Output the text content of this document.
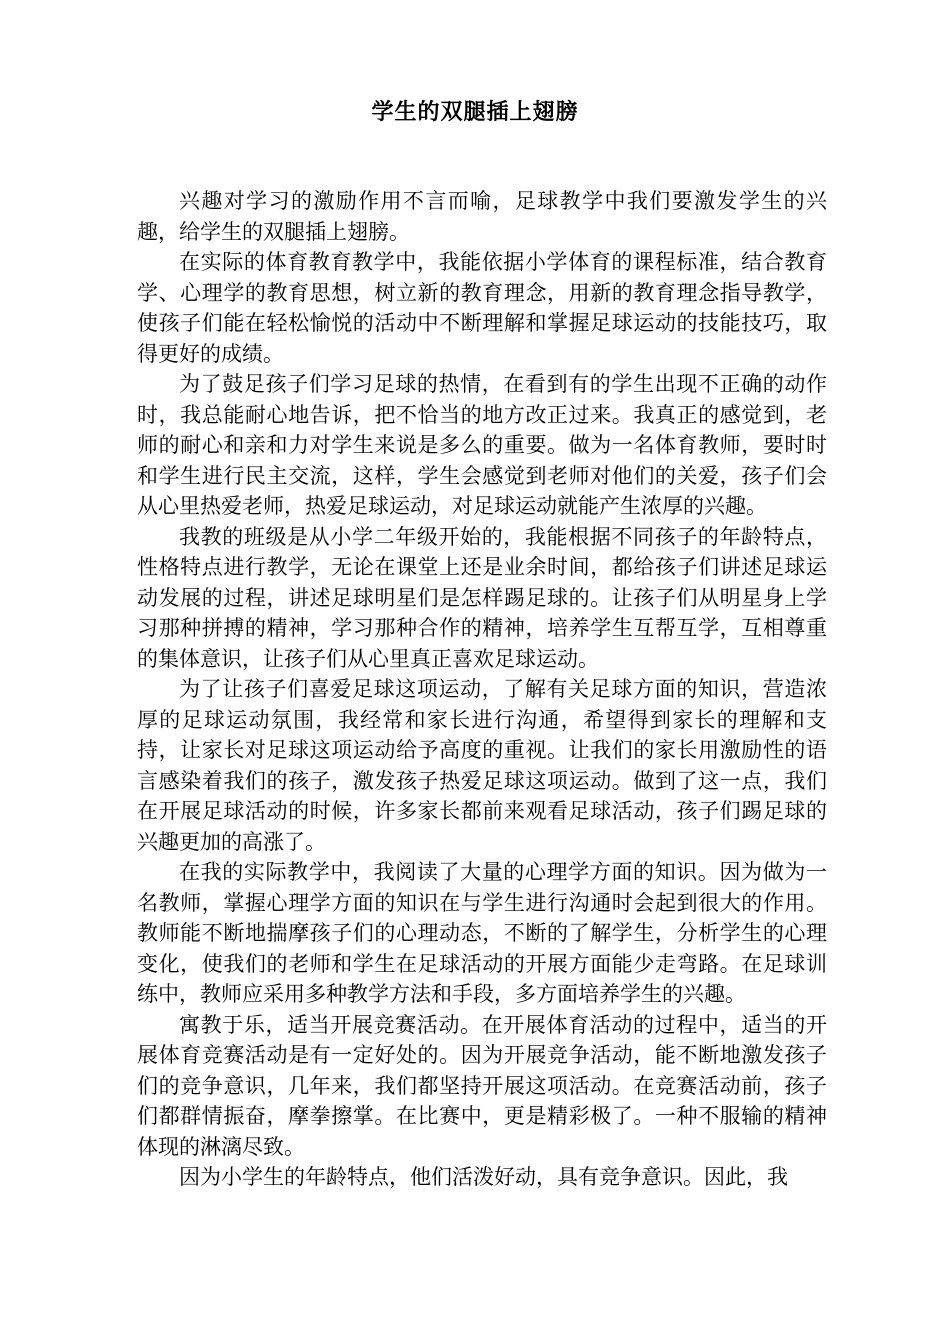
学生的双腿插上翅膀

兴趣对学习的激励作用不言而喻，足球教学中我们要激发学生的兴趣，给学生的双腿插上翅膀。

在实际的体育教育教学中，我能依据小学体育的课程标准，结合教育学、心理学的教育思想，树立新的教育理念，用新的教育理念指导教学，使孩子们能在轻松愉悦的活动中不断理解和掌握足球运动的技能技巧，取得更好的成绩。

为了鼓足孩子们学习足球的热情，在看到有的学生出现不正确的动作时，我总能耐心地告诉，把不恰当的地方改正过来。我真正的感觉到，老师的耐心和亲和力对学生来说是多么的重要。做为一名体育教师，要时时和学生进行民主交流，这样，学生会感觉到老师对他们的关爱，孩子们会从心里热爱老师，热爱足球运动，对足球运动就能产生浓厚的兴趣。

我教的班级是从小学二年级开始的，我能根据不同孩子的年龄特点，性格特点进行教学，无论在课堂上还是业余时间，都给孩子们讲述足球运动发展的过程，讲述足球明星们是怎样踢足球的。让孩子们从明星身上学习那种拼搏的精神，学习那种合作的精神，培养学生互帮互学，互相尊重的集体意识，让孩子们从心里真正喜欢足球运动。

为了让孩子们喜爱足球这项运动，了解有关足球方面的知识，营造浓厚的足球运动氛围，我经常和家长进行沟通，希望得到家长的理解和支持，让家长对足球这项运动给予高度的重视。让我们的家长用激励性的语言感染着我们的孩子，激发孩子热爱足球这项运动。做到了这一点，我们在开展足球活动的时候，许多家长都前来观看足球活动，孩子们踢足球的兴趣更加的高涨了。

在我的实际教学中，我阅读了大量的心理学方面的知识。因为做为一名教师，掌握心理学方面的知识在与学生进行沟通时会起到很大的作用。教师能不断地揣摩孩子们的心理动态，不断的了解学生，分析学生的心理变化，使我们的老师和学生在足球活动的开展方面能少走弯路。在足球训练中，教师应采用多种教学方法和手段，多方面培养学生的兴趣。

寓教于乐，适当开展竞赛活动。在开展体育活动的过程中，适当的开展体育竞赛活动是有一定好处的。因为开展竞争活动，能不断地激发孩子们的竞争意识，几年来，我们都坚持开展这项活动。在竞赛活动前，孩子们都群情振奋，摩拳擦掌。在比赛中，更是精彩极了。一种不服输的精神体现的淋漓尽致。

因为小学生的年龄特点，他们活泼好动，具有竞争意识。因此，我
